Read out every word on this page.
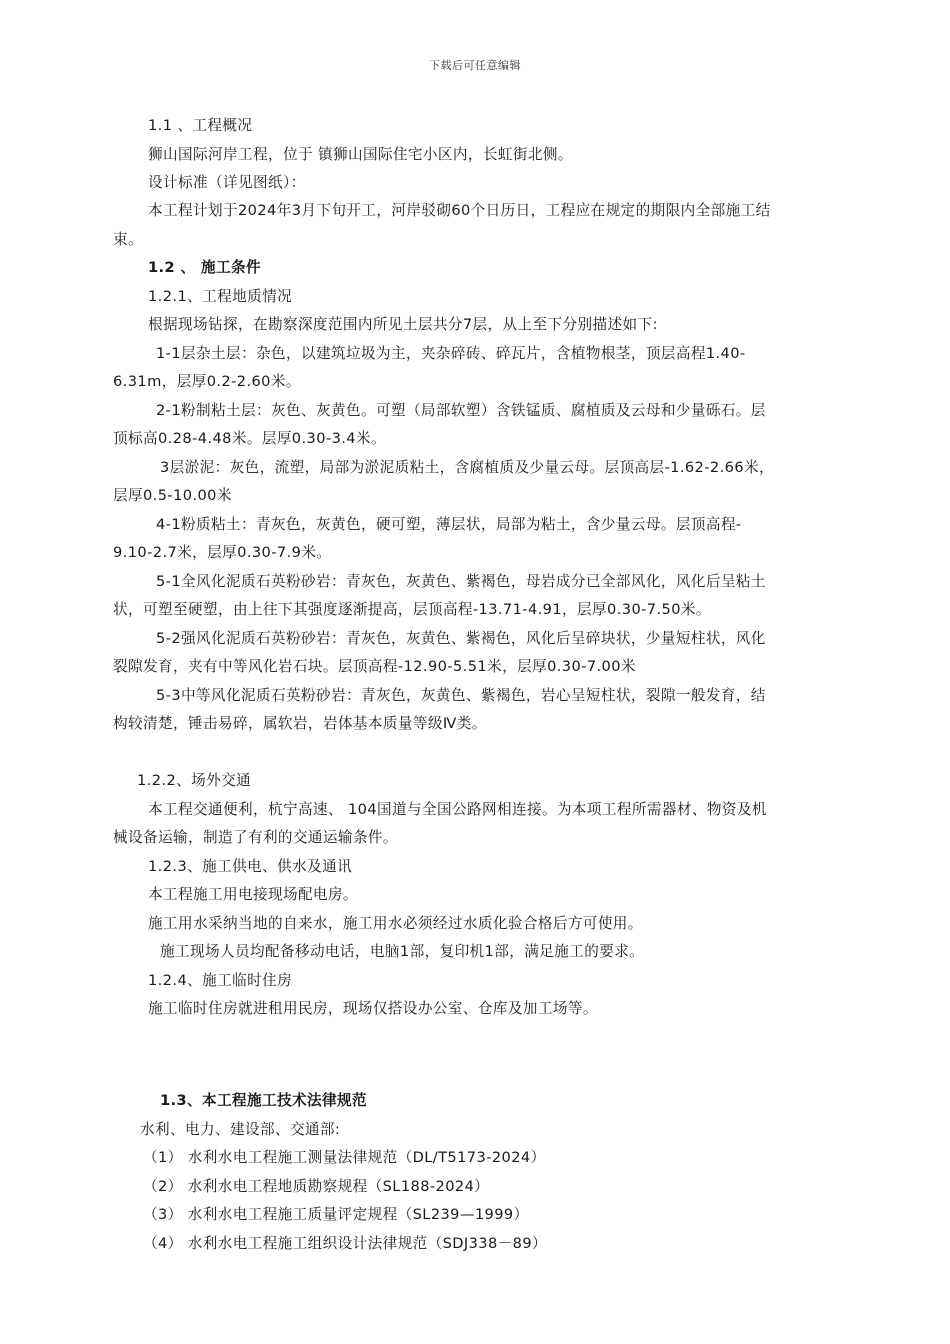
下载后可任意编辑
1.1 、工程概况
狮山国际河岸工程，位于 镇狮山国际住宅小区内，长虹街北侧。
设计标准（详见图纸）：
本工程计划于2024年3月下旬开工，河岸驳砌60个日历日，工程应在规定的期限内全部施工结
束。
1.2 、 施工条件
1.2.1、工程地质情况
根据现场钻探，在勘察深度范围内所见土层共分7层，从上至下分别描述如下:
1-1层杂土层：杂色，以建筑垃圾为主，夹杂碎砖、碎瓦片，含植物根茎，顶层高程1.40-
6.31m，层厚0.2-2.60米。
2-1粉制粘土层：灰色、灰黄色。可塑（局部软塑）含铁锰质、腐植质及云母和少量砾石。层
顶标高0.28-4.48米。层厚0.30-3.4米。
3层淤泥：灰色，流塑，局部为淤泥质粘土，含腐植质及少量云母。层顶高层-1.62-2.66米，
层厚0.5-10.00米
4-1粉质粘土：青灰色，灰黄色，硬可塑，薄层状，局部为粘土，含少量云母。层顶高程-
9.10-2.7米，层厚0.30-7.9米。
5-1全风化泥质石英粉砂岩：青灰色，灰黄色、紫褐色，母岩成分已全部风化，风化后呈粘土
状，可塑至硬塑，由上往下其强度逐渐提高，层顶高程-13.71-4.91，层厚0.30-7.50米。
5-2强风化泥质石英粉砂岩：青灰色，灰黄色、紫褐色，风化后呈碎块状，少量短柱状，风化
裂隙发育，夹有中等风化岩石块。层顶高程-12.90-5.51米，层厚0.30-7.00米
5-3中等风化泥质石英粉砂岩：青灰色，灰黄色、紫褐色，岩心呈短柱状，裂隙一般发育，结
构较清楚，锤击易碎，属软岩，岩体基本质量等级Ⅳ类。
1.2.2、场外交通
本工程交通便利，杭宁高速、 104国道与全国公路网相连接。为本项工程所需器材、物资及机
械设备运输，制造了有利的交通运输条件。
1.2.3、施工供电、供水及通讯
本工程施工用电接现场配电房。
施工用水采纳当地的自来水，施工用水必须经过水质化验合格后方可使用。
施工现场人员均配备移动电话，电脑1部，复印机1部，满足施工的要求。
1.2.4、施工临时住房
施工临时住房就进租用民房，现场仅搭设办公室、仓库及加工场等。
1.3、本工程施工技术法律规范
水利、电力、建设部、交通部:
（1） 水利水电工程施工测量法律规范（DL/T5173-2024）
（2） 水利水电工程地质勘察规程（SL188-2024）
（3） 水利水电工程施工质量评定规程（SL239—1999）
（4） 水利水电工程施工组织设计法律规范（SDJ338－89）
